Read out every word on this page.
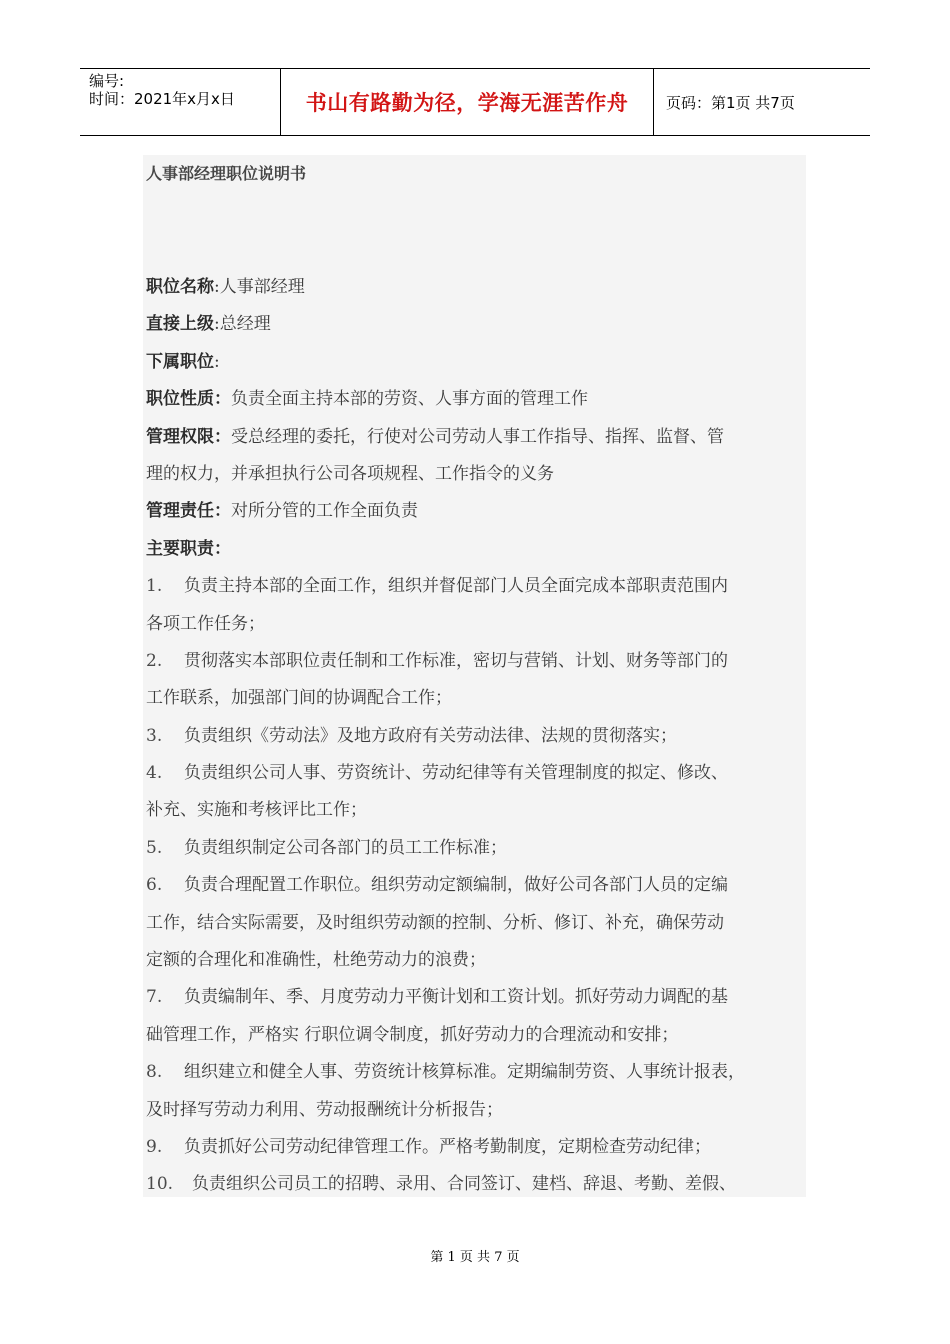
编号:
时间：2021年x月x日	书山有路勤为径，学海无涯苦作舟	页码：第1页 共7页
人事部经理职位说明书
职位名称:人事部经理
直接上级:总经理
下属职位:
职位性质：负责全面主持本部的劳资、人事方面的管理工作
管理权限：受总经理的委托，行使对公司劳动人事工作指导、指挥、监督、管
理的权力，并承担执行公司各项规程、工作指令的义务
管理责任：对所分管的工作全面负责
主要职责：
1. 负责主持本部的全面工作，组织并督促部门人员全面完成本部职责范围内
各项工作任务；
2. 贯彻落实本部职位责任制和工作标准，密切与营销、计划、财务等部门的
工作联系，加强部门间的协调配合工作；
3. 负责组织《劳动法》及地方政府有关劳动法律、法规的贯彻落实；
4. 负责组织公司人事、劳资统计、劳动纪律等有关管理制度的拟定、修改、
补充、实施和考核评比工作；
5. 负责组织制定公司各部门的员工工作标准；
6. 负责合理配置工作职位。组织劳动定额编制，做好公司各部门人员的定编
工作，结合实际需要，及时组织劳动额的控制、分析、修订、补充，确保劳动
定额的合理化和准确性，杜绝劳动力的浪费；
7. 负责编制年、季、月度劳动力平衡计划和工资计划。抓好劳动力调配的基
础管理工作，严格实 行职位调令制度，抓好劳动力的合理流动和安排；
8. 组织建立和健全人事、劳资统计核算标准。定期编制劳资、人事统计报表，
及时择写劳动力利用、劳动报酬统计分析报告；
9. 负责抓好公司劳动纪律管理工作。严格考勤制度，定期检查劳动纪律；
10. 负责组织公司员工的招聘、录用、合同签订、建档、辞退、考勤、差假、
第 1 页 共 7 页
